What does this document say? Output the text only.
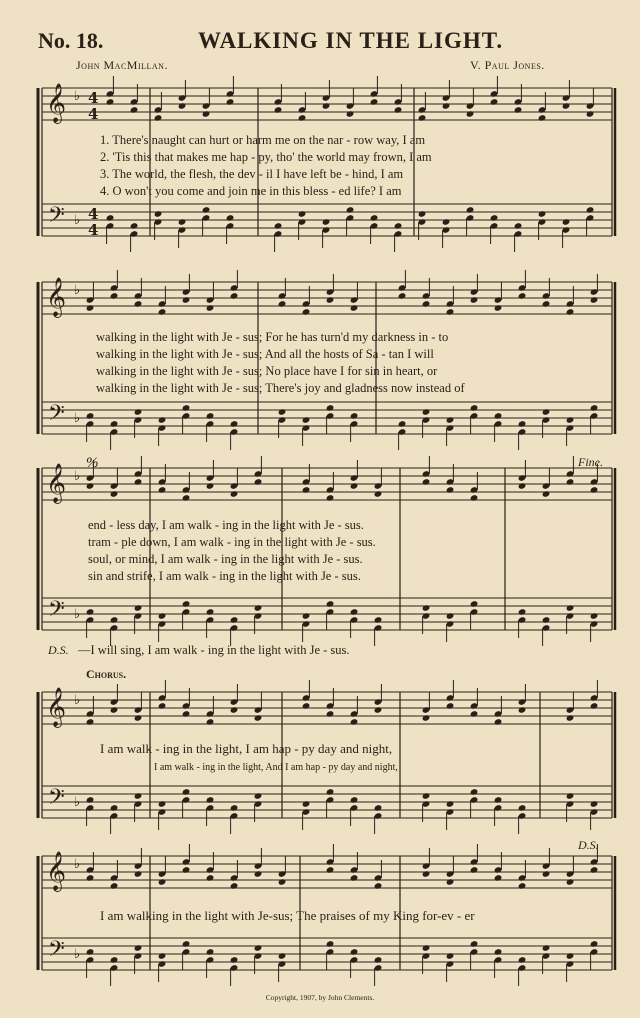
No. 18.	WALKING IN THE LIGHT.
John MacMillan.	V. Paul Jones.
𝄞
𝄢
♭
♭
4
4
4
4
𝄞
𝄢
♭
♭
𝄞
𝄢
♭
♭
𝄞
𝄢
♭
♭
𝄞
𝄢
♭
♭
1. There's naught can hurt or harm me on the nar - row way, I am
2. 'Tis this that makes me hap - py, tho' the world may frown, I am
3. The world, the flesh, the dev - il I have left be - hind, I am
4. O won't you come and join me in this bless - ed life? I am
walking in the light with Je - sus; For he has turn'd my darkness in - to
walking in the light with Je - sus; And all the hosts of Sa - tan I will
walking in the light with Je - sus; No place have I for sin in heart, or
walking in the light with Je - sus; There's joy and gladness now instead of
%	Fine.
end - less day, I am walk - ing in the light with Je - sus.
tram - ple down, I am walk - ing in the light with Je - sus.
soul, or mind, I am walk - ing in the light with Je - sus.
sin and strife, I am walk - ing in the light with Je - sus.
D.S. —I will sing, I am walk - ing in the light with Je - sus.
Chorus.
I am walk - ing in the light, I am hap - py day and night,
I am walk - ing in the light, And I am hap - py day and night,
D.S.
I am walking in the light with Je-sus; The praises of my King for-ev - er
Copyright, 1907, by John Clements.
